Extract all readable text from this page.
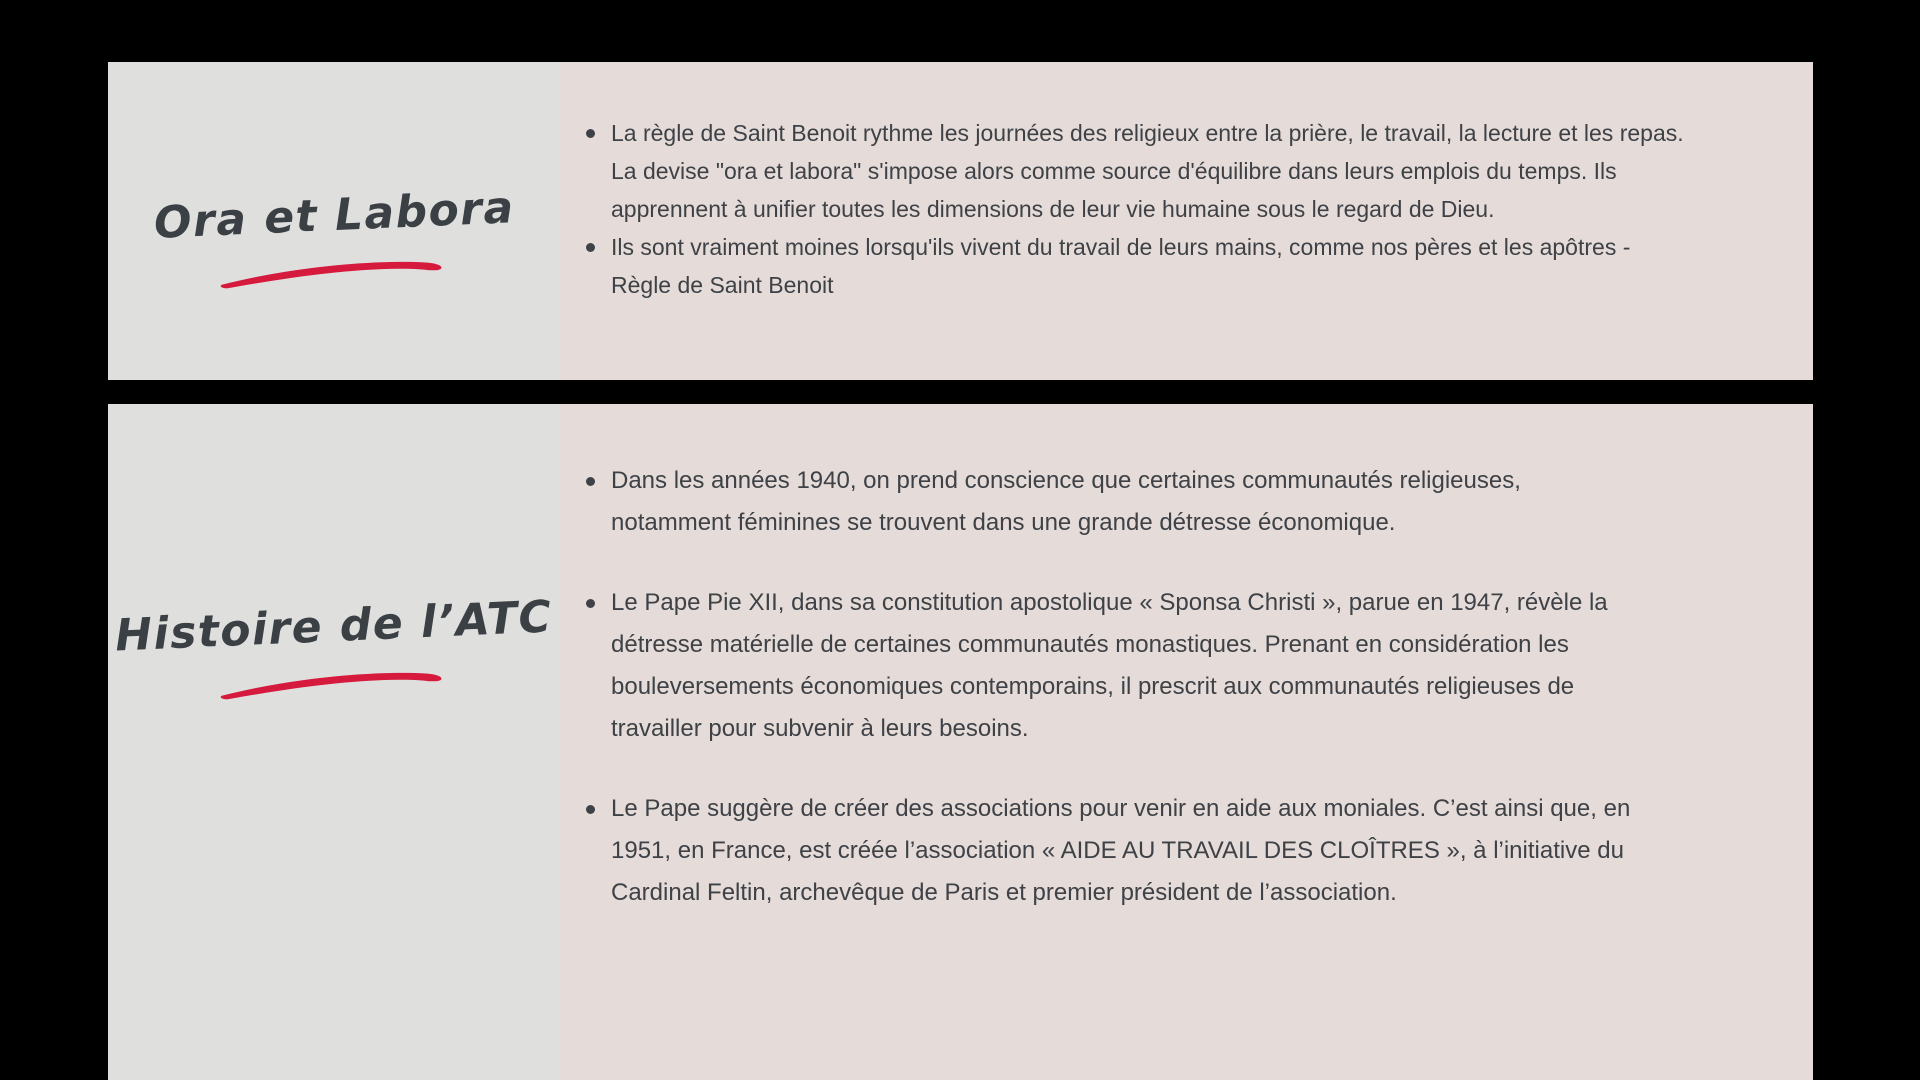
Ora et Labora
La règle de Saint Benoit rythme les journées des religieux entre la prière, le travail, la lecture et les repas. La devise "ora et labora" s'impose alors comme source d'équilibre dans leurs emplois du temps. Ils apprennent à unifier toutes les dimensions de leur vie humaine sous le regard de Dieu.
Ils sont vraiment moines lorsqu'ils vivent du travail de leurs mains, comme nos pères et les apôtres - Règle de Saint Benoit
Histoire de l’ATC
Dans les années 1940, on prend conscience que certaines communautés religieuses, notamment féminines se trouvent dans une grande détresse économique.
Le Pape Pie XII, dans sa constitution apostolique « Sponsa Christi », parue en 1947, révèle la détresse matérielle de certaines communautés monastiques. Prenant en considération les bouleversements économiques contemporains, il prescrit aux communautés religieuses de travailler pour subvenir à leurs besoins.
Le Pape suggère de créer des associations pour venir en aide aux moniales. C’est ainsi que, en 1951, en France, est créée l’association « AIDE AU TRAVAIL DES CLOÎTRES », à l’initiative du Cardinal Feltin, archevêque de Paris et premier président de l’association.
